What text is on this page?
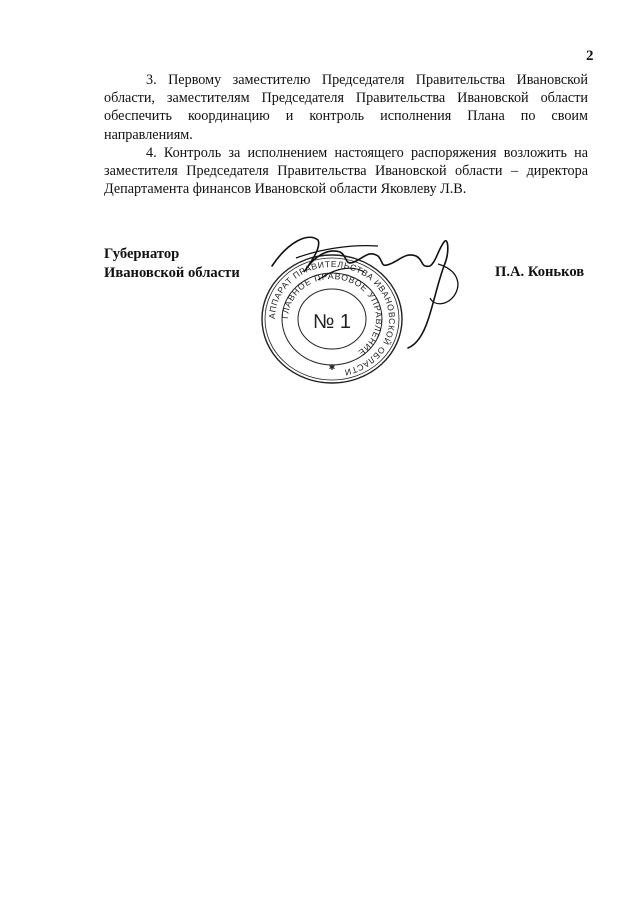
2

3. Первому заместителю Председателя Правительства Ивановской области, заместителям Председателя Правительства Ивановской области обеспечить координацию и контроль исполнения Плана по своим направлениям.

4. Контроль за исполнением настоящего распоряжения возложить на заместителя Председателя Правительства Ивановской области – директора Департамента финансов Ивановской области Яковлеву Л.В.

Губернатор
Ивановской области	П.А. Коньков
АППАРАТ ПРАВИТЕЛЬСТВА ИВАНОВСКОЙ ОБЛАСТИ
ГЛАВНОЕ ПРАВОВОЕ УПРАВЛЕНИЕ
№ 1
✱
